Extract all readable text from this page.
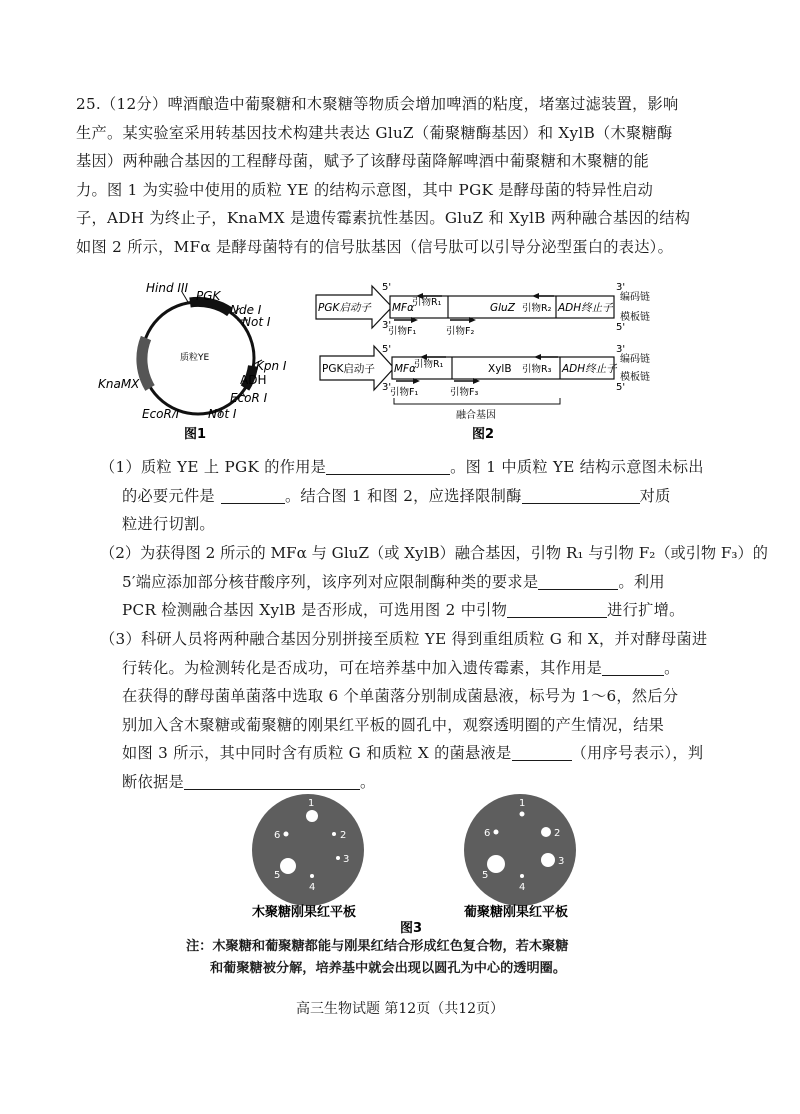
25.（12分）啤酒酿造中葡聚糖和木聚糖等物质会增加啤酒的粘度，堵塞过滤装置，影响
生产。某实验室采用转基因技术构建共表达 GluZ（葡聚糖酶基因）和 XylB（木聚糖酶
基因）两种融合基因的工程酵母菌，赋予了该酵母菌降解啤酒中葡聚糖和木聚糖的能
力。图 1 为实验中使用的质粒 YE 的结构示意图，其中 PGK 是酵母菌的特异性启动
子，ADH 为终止子，KnaMX 是遗传霉素抗性基因。GluZ 和 XylB 两种融合基因的结构
如图 2 所示，MFα 是酵母菌特有的信号肽基因（信号肽可以引导分泌型蛋白的表达）。
Hind III
PGK
Nde I
Not I
质粒YE
Kpn I
ADH
EcoR I
KnaMX
Not I
EcoR I
图1
5'
PGK启动子 MFα
引物R₁	GluZ 引物R₂ ADH终止子
3'
3'
编码链
模板链
5'
引物F₁	引物F₂
5'
PGK启动子 MFα
引物R₁	XylB 引物R₃ ADH终止子
3'
3'
编码链
模板链
5'
引物F₁	引物F₃
融合基因
图2
（1）质粒 YE 上 PGK 的作用是	。图 1 中质粒 YE 结构示意图未标出
的必要元件是	。结合图 1 和图 2，应选择限制酶	对质
粒进行切割。
（2）为获得图 2 所示的 MFα 与 GluZ（或 XylB）融合基因，引物 R₁ 与引物 F₂（或引物 F₃）的
5′端应添加部分核苷酸序列，该序列对应限制酶种类的要求是	。利用
PCR 检测融合基因 XylB 是否形成，可选用图 2 中引物	进行扩增。
（3）科研人员将两种融合基因分别拼接至质粒 YE 得到重组质粒 G 和 X，并对酵母菌进
行转化。为检测转化是否成功，可在培养基中加入遗传霉素，其作用是	。
在获得的酵母菌单菌落中选取 6 个单菌落分别制成菌悬液，标号为 1～6，然后分
别加入含木聚糖或葡聚糖的刚果红平板的圆孔中，观察透明圈的产生情况，结果
如图 3 所示，其中同时含有质粒 G 和质粒 X 的菌悬液是	（用序号表示），判
断依据是	。
1
2
3
4
5
6
木聚糖刚果红平板
1
2
3
4
5
6
葡聚糖刚果红平板
图3
注：木聚糖和葡聚糖都能与刚果红结合形成红色复合物，若木聚糖
和葡聚糖被分解，培养基中就会出现以圆孔为中心的透明圈。
高三生物试题 第12页（共12页）
